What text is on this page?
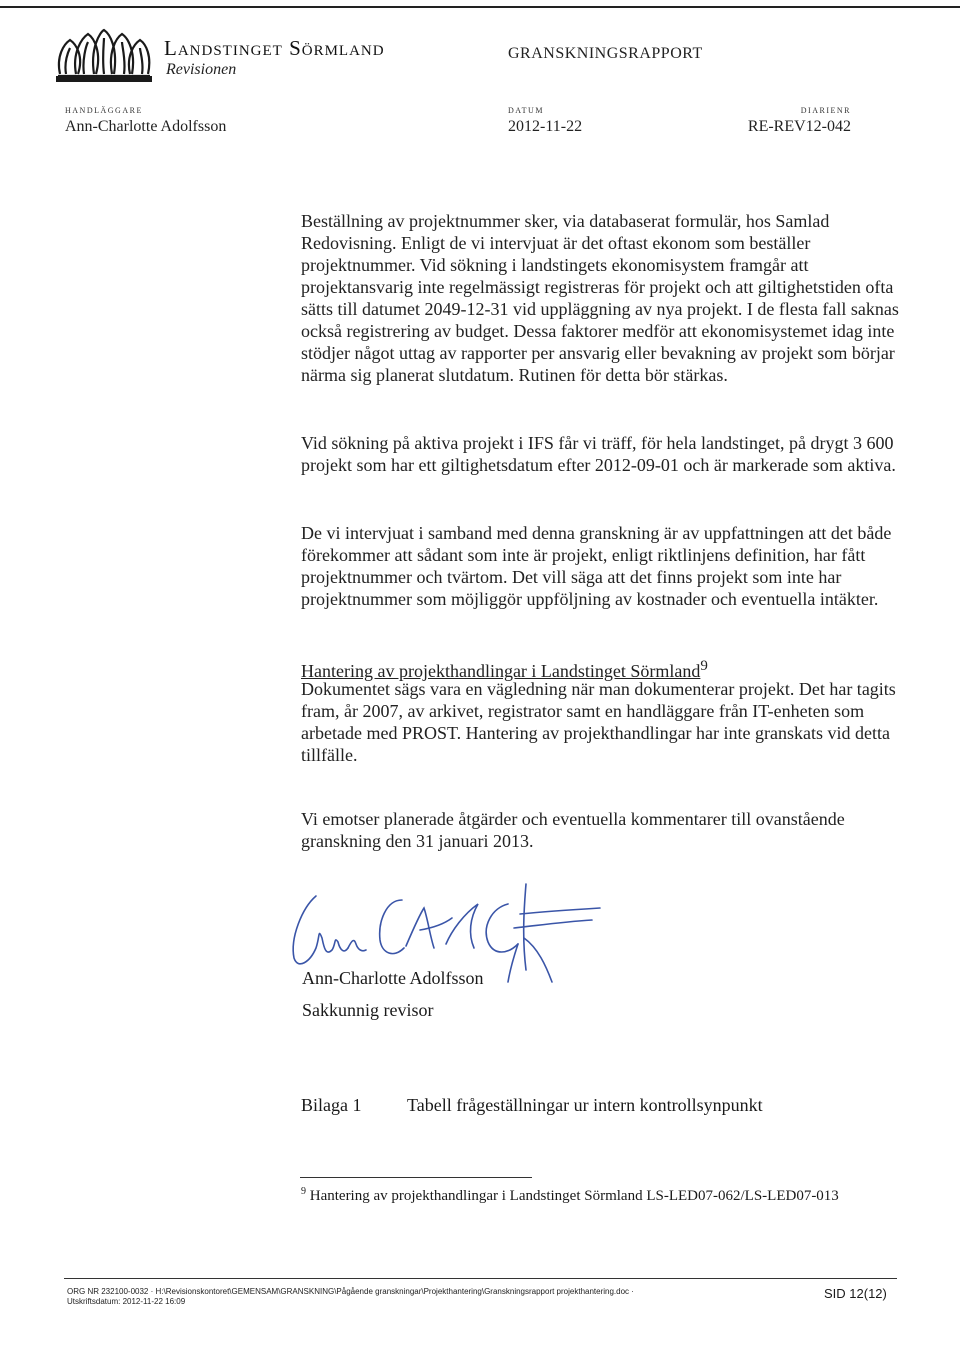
Landstinget Sörmland
Revisionen
GRANSKNINGSRAPPORT
HANDLÄGGARE
Ann-Charlotte Adolfsson
DATUM
2012-11-22
DIARIENR
RE-REV12-042

Beställning av projektnummer sker, via databaserat formulär, hos Samlad Redovisning. Enligt de vi intervjuat är det oftast ekonom som beställer projektnummer. Vid sökning i landstingets ekonomisystem framgår att projektansvarig inte regelmässigt registreras för projekt och att giltighetstiden ofta sätts till datumet 2049-12-31 vid uppläggning av nya projekt. I de flesta fall saknas också registrering av budget. Dessa faktorer medför att ekonomisystemet idag inte stödjer något uttag av rapporter per ansvarig eller bevakning av projekt som börjar närma sig planerat slutdatum. Rutinen för detta bör stärkas.

Vid sökning på aktiva projekt i IFS får vi träff, för hela landstinget, på drygt 3 600 projekt som har ett giltighetsdatum efter 2012-09-01 och är markerade som aktiva.

De vi intervjuat i samband med denna granskning är av uppfattningen att det både förekommer att sådant som inte är projekt, enligt riktlinjens definition, har fått projektnummer och tvärtom. Det vill säga att det finns projekt som inte har projektnummer som möjliggör uppföljning av kostnader och eventuella intäkter.

Hantering av projekthandlingar i Landstinget Sörmland$^9$

Dokumentet sägs vara en vägledning när man dokumenterar projekt. Det har tagits fram, år 2007, av arkivet, registrator samt en handläggare från IT-enheten som arbetade med PROST. Hantering av projekthandlingar har inte granskats vid detta tillfälle.

Vi emotser planerade åtgärder och eventuella kommentarer till ovanstående granskning den 31 januari 2013.

Ann-Charlotte Adolfsson
Sakkunnig revisor
Bilaga 1	Tabell frågeställningar ur intern kontrollsynpunkt
$^9$ Hantering av projekthandlingar i Landstinget Sörmland LS-LED07-062/LS-LED07-013
ORG NR 232100-0032 · H:\Revisionskontoret\GEMENSAM\GRANSKNING\Pågående granskningar\Projekthantering\Granskningsrapport projekthantering.doc ·
Utskriftsdatum: 2012-11-22 16:09
SID 12(12)
